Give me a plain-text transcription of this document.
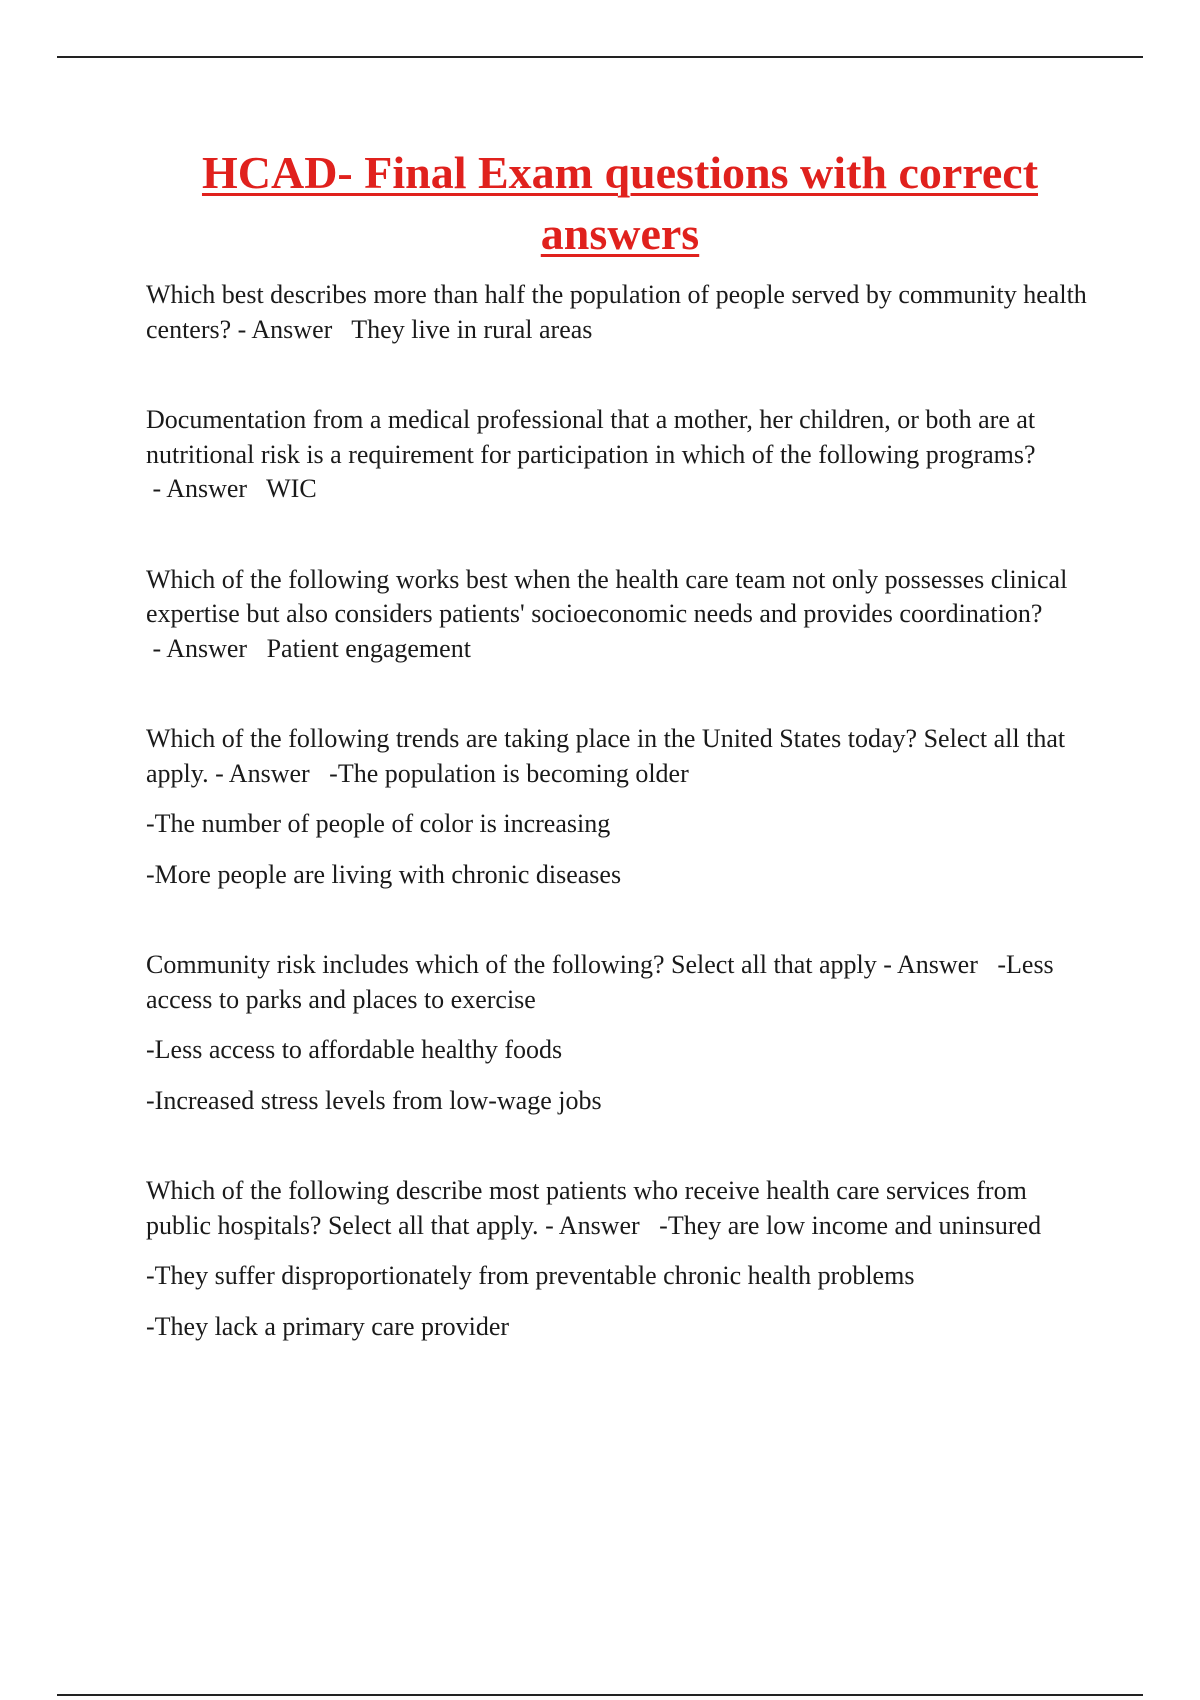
HCAD- Final Exam questions with correct answers

Which best describes more than half the population of people served by community health centers? - Answer   They live in rural areas

Documentation from a medical professional that a mother, her children, or both are at nutritional risk is a requirement for participation in which of the following programs? - Answer   WIC

Which of the following works best when the health care team not only possesses clinical expertise but also considers patients' socioeconomic needs and provides coordination? - Answer   Patient engagement

Which of the following trends are taking place in the United States today? Select all that apply. - Answer   -The population is becoming older

-The number of people of color is increasing

-More people are living with chronic diseases

Community risk includes which of the following? Select all that apply - Answer   -Less access to parks and places to exercise

-Less access to affordable healthy foods

-Increased stress levels from low-wage jobs

Which of the following describe most patients who receive health care services from public hospitals? Select all that apply. - Answer   -They are low income and uninsured

-They suffer disproportionately from preventable chronic health problems

-They lack a primary care provider
